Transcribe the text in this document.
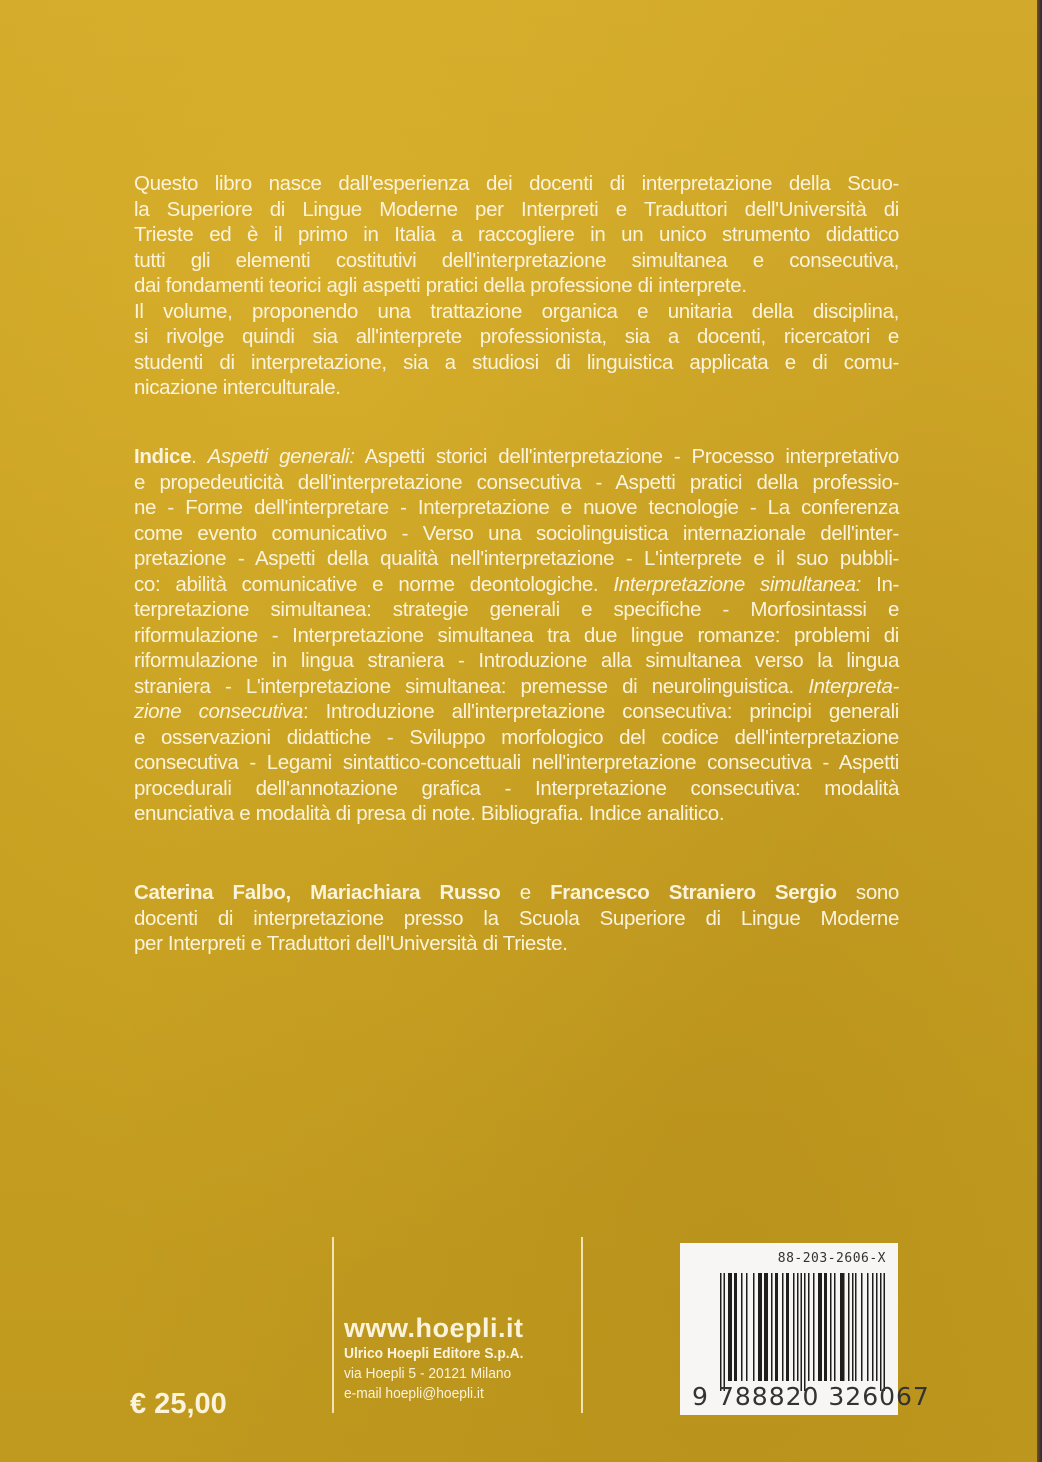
Questo libro nasce dall'esperienza dei docenti di interpretazione della Scuo-
la Superiore di Lingue Moderne per Interpreti e Traduttori dell'Università di
Trieste ed è il primo in Italia a raccogliere in un unico strumento didattico
tutti gli elementi costitutivi dell'interpretazione simultanea e consecutiva,
dai fondamenti teorici agli aspetti pratici della professione di interprete.
Il volume, proponendo una trattazione organica e unitaria della disciplina,
si rivolge quindi sia all'interprete professionista, sia a docenti, ricercatori e
studenti di interpretazione, sia a studiosi di linguistica applicata e di comu-
nicazione interculturale.
Indice. Aspetti generali: Aspetti storici dell'interpretazione - Processo interpretativo
e propedeuticità dell'interpretazione consecutiva - Aspetti pratici della professio-
ne - Forme dell'interpretare - Interpretazione e nuove tecnologie - La conferenza
come evento comunicativo - Verso una sociolinguistica internazionale dell'inter-
pretazione - Aspetti della qualità nell'interpretazione - L'interprete e il suo pubbli-
co: abilità comunicative e norme deontologiche. Interpretazione simultanea: In-
terpretazione simultanea: strategie generali e specifiche - Morfosintassi e
riformulazione - Interpretazione simultanea tra due lingue romanze: problemi di
riformulazione in lingua straniera - Introduzione alla simultanea verso la lingua
straniera - L'interpretazione simultanea: premesse di neurolinguistica. Interpreta-
zione consecutiva: Introduzione all'interpretazione consecutiva: principi generali
e osservazioni didattiche - Sviluppo morfologico del codice dell'interpretazione
consecutiva - Legami sintattico-concettuali nell'interpretazione consecutiva - Aspetti
procedurali dell'annotazione grafica - Interpretazione consecutiva: modalità
enunciativa e modalità di presa di note. Bibliografia. Indice analitico.
Caterina Falbo, Mariachiara Russo e Francesco Straniero Sergio sono
docenti di interpretazione presso la Scuola Superiore di Lingue Moderne
per Interpreti e Traduttori dell'Università di Trieste.
www.hoepli.it
Ulrico Hoepli Editore S.p.A.
via Hoepli 5 - 20121 Milano
e-mail hoepli@hoepli.it
€ 25,00
88-203-2606-X
9 788820 326067
